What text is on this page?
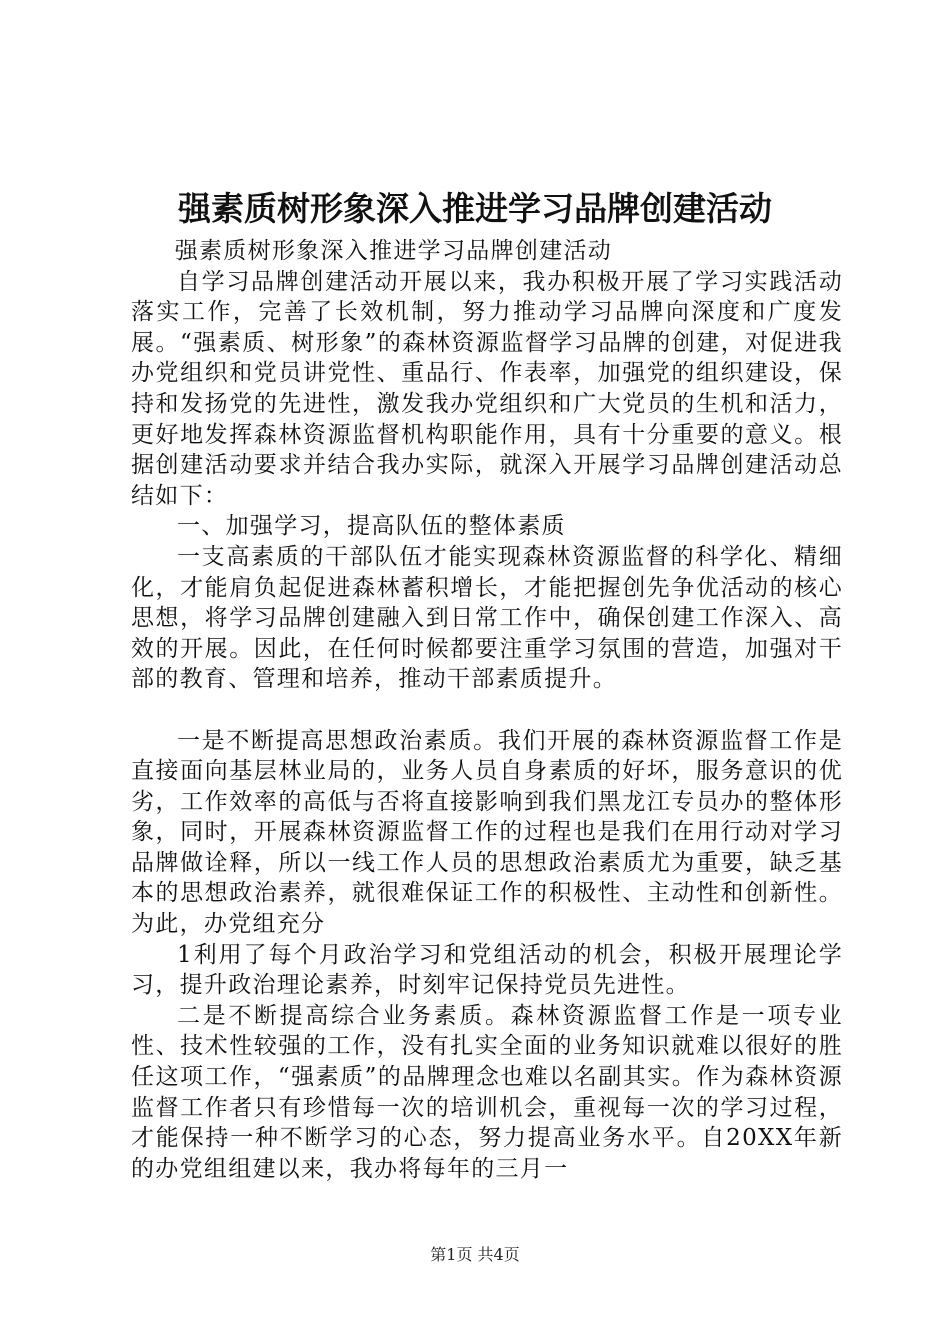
强素质树形象深入推进学习品牌创建活动

强素质树形象深入推进学习品牌创建活动

自学习品牌创建活动开展以来，我办积极开展了学习实践活动落实工作，完善了长效机制，努力推动学习品牌向深度和广度发展。“强素质、树形象”的森林资源监督学习品牌的创建，对促进我办党组织和党员讲党性、重品行、作表率，加强党的组织建设，保持和发扬党的先进性，激发我办党组织和广大党员的生机和活力，更好地发挥森林资源监督机构职能作用，具有十分重要的意义。根据创建活动要求并结合我办实际，就深入开展学习品牌创建活动总结如下：

一、加强学习，提高队伍的整体素质

一支高素质的干部队伍才能实现森林资源监督的科学化、精细化，才能肩负起促进森林蓄积增长，才能把握创先争优活动的核心思想，将学习品牌创建融入到日常工作中，确保创建工作深入、高效的开展。因此，在任何时候都要注重学习氛围的营造，加强对干部的教育、管理和培养，推动干部素质提升。

一是不断提高思想政治素质。我们开展的森林资源监督工作是直接面向基层林业局的，业务人员自身素质的好坏，服务意识的优劣，工作效率的高低与否将直接影响到我们黑龙江专员办的整体形象，同时，开展森林资源监督工作的过程也是我们在用行动对学习品牌做诠释，所以一线工作人员的思想政治素质尤为重要，缺乏基本的思想政治素养，就很难保证工作的积极性、主动性和创新性。为此，办党组充分

1利用了每个月政治学习和党组活动的机会，积极开展理论学习，提升政治理论素养，时刻牢记保持党员先进性。

二是不断提高综合业务素质。森林资源监督工作是一项专业性、技术性较强的工作，没有扎实全面的业务知识就难以很好的胜任这项工作，“强素质”的品牌理念也难以名副其实。作为森林资源监督工作者只有珍惜每一次的培训机会，重视每一次的学习过程，才能保持一种不断学习的心态，努力提高业务水平。自20XX年新的办党组组建以来，我办将每年的三月一

第1页 共4页
